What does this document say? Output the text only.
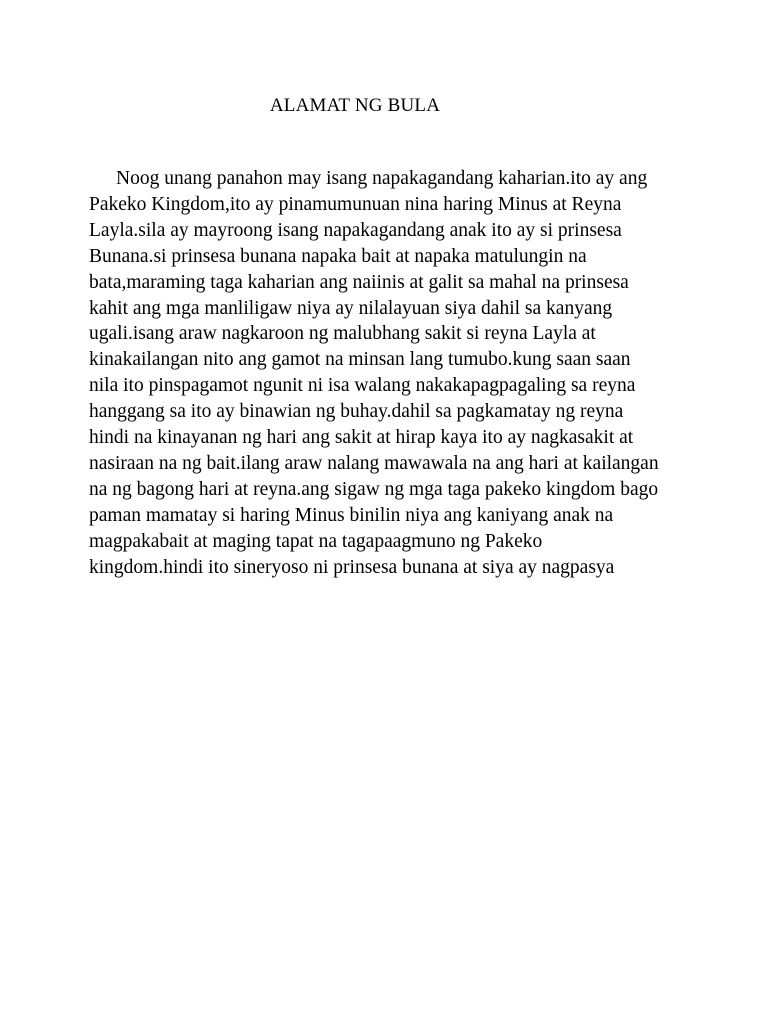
ALAMAT NG BULA
Noog unang panahon may isang napakagandang kaharian.ito ay ang
Pakeko Kingdom,ito ay pinamumunuan nina haring Minus at Reyna
Layla.sila ay mayroong isang napakagandang anak ito ay si prinsesa
Bunana.si prinsesa bunana napaka bait at napaka matulungin na
bata,maraming taga kaharian ang naiinis at galit sa mahal na prinsesa
kahit ang mga manliligaw niya ay nilalayuan siya dahil sa kanyang
ugali.isang araw nagkaroon ng malubhang sakit si reyna Layla at
kinakailangan nito ang gamot na minsan lang tumubo.kung saan saan
nila ito pinspagamot ngunit ni isa walang nakakapagpagaling sa reyna
hanggang sa ito ay binawian ng buhay.dahil sa pagkamatay ng reyna
hindi na kinayanan ng hari ang sakit at hirap kaya ito ay nagkasakit at
nasiraan na ng bait.ilang araw nalang mawawala na ang hari at kailangan
na ng bagong hari at reyna.ang sigaw ng mga taga pakeko kingdom bago
paman mamatay si haring Minus binilin niya ang kaniyang anak na
magpakabait at maging tapat na tagapaagmuno ng Pakeko
kingdom.hindi ito sineryoso ni prinsesa bunana at siya ay nagpasya
